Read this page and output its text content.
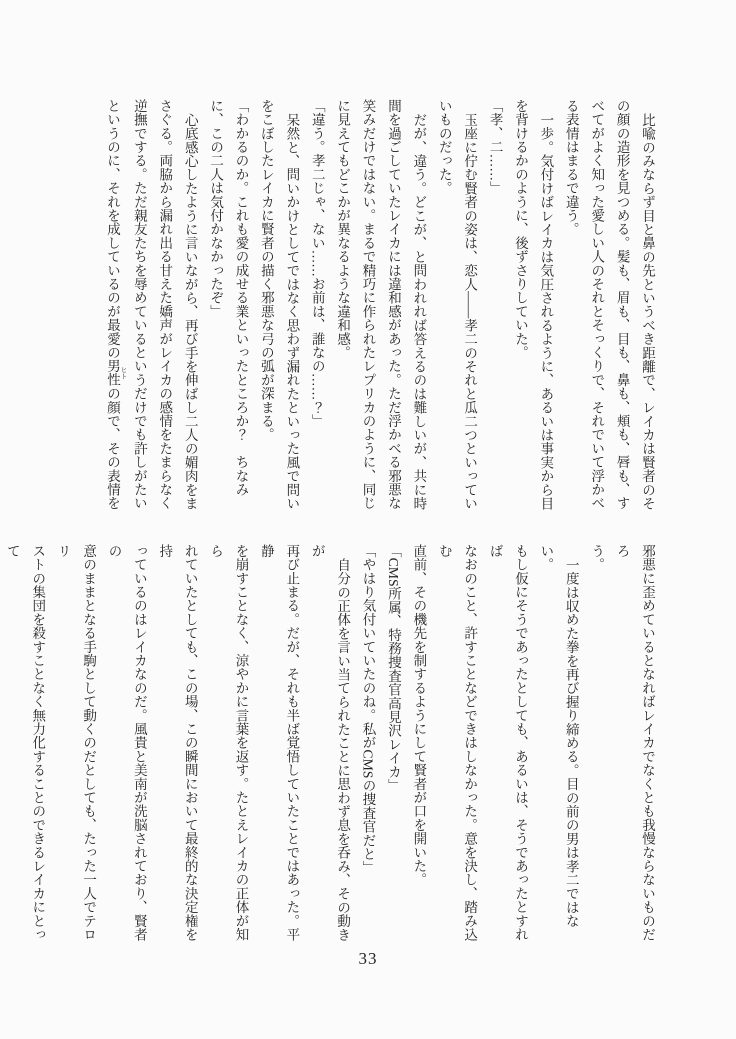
比喩のみならず目と鼻の先というべき距離で、レイカは賢者のそ
の顔の造形を見つめる。髪も、眉も、目も、鼻も、頬も、唇も、す
べてがよく知った愛しい人のそれとそっくりで、それでいて浮かべ
る表情はまるで違う。
一歩。気付けばレイカは気圧されるように、あるいは事実から目
を背けるかのように、後ずさりしていた。
「孝、二……」
玉座に佇む賢者の姿は、恋人——孝二のそれと瓜二つといってい
いものだった。
だが、違う。どこが、と問われれば答えるのは難しいが、共に時
間を過ごしていたレイカには違和感があった。ただ浮かべる邪悪な
笑みだけではない。まるで精巧に作られたレプリカのように、同じ
に見えてもどこかが異なるような違和感。
「違う。孝二じゃ、ない……お前は、誰なの……？」
呆然と、問いかけとしてではなく思わず漏れたといった風で問い
をこぼしたレイカに賢者の描く邪悪な弓の弧が深まる。
「わかるのか。これも愛の成せる業といったところか？　ちなみ
に、この二人は気付かなかったぞ」
心底感心したように言いながら、再び手を伸ばし二人の媚肉をま
さぐる。両脇から漏れ出る甘えた嬌声がレイカの感情をたまらなく
逆撫でする。ただ親友たちを辱めているというだけでも許しがたい
というのに、それを成しているのが最愛の男性 ヒトの顔で、その表情を
邪悪に歪めているとなればレイカでなくとも我慢ならないものだろ
う。
一度は収めた拳を再び握り締める。目の前の男は孝二ではない。
もし仮にそうであったとしても、あるいは、そうであったとすれば
なおのこと、許すことなどできはしなかった。意を決し、踏み込む
直前、その機先を制するようにして賢者が口を開いた。
「CMS所属、特務捜査官高見沢レイカ」
「やはり気付いていたのね。私がCMSの捜査官だと」
自分の正体を言い当てられたことに思わず息を呑み、その動きが
再び止まる。だが、それも半ば覚悟していたことではあった。平静
を崩すことなく、涼やかに言葉を返す。たとえレイカの正体が知ら
れていたとしても、この場、この瞬間において最終的な決定権を持
っているのはレイカなのだ。風貴と美南が洗脳されており、賢者の
意のままとなる手駒として動くのだとしても、たった一人でテロリ
ストの集団を殺すことなく無力化することのできるレイカにとって
33
